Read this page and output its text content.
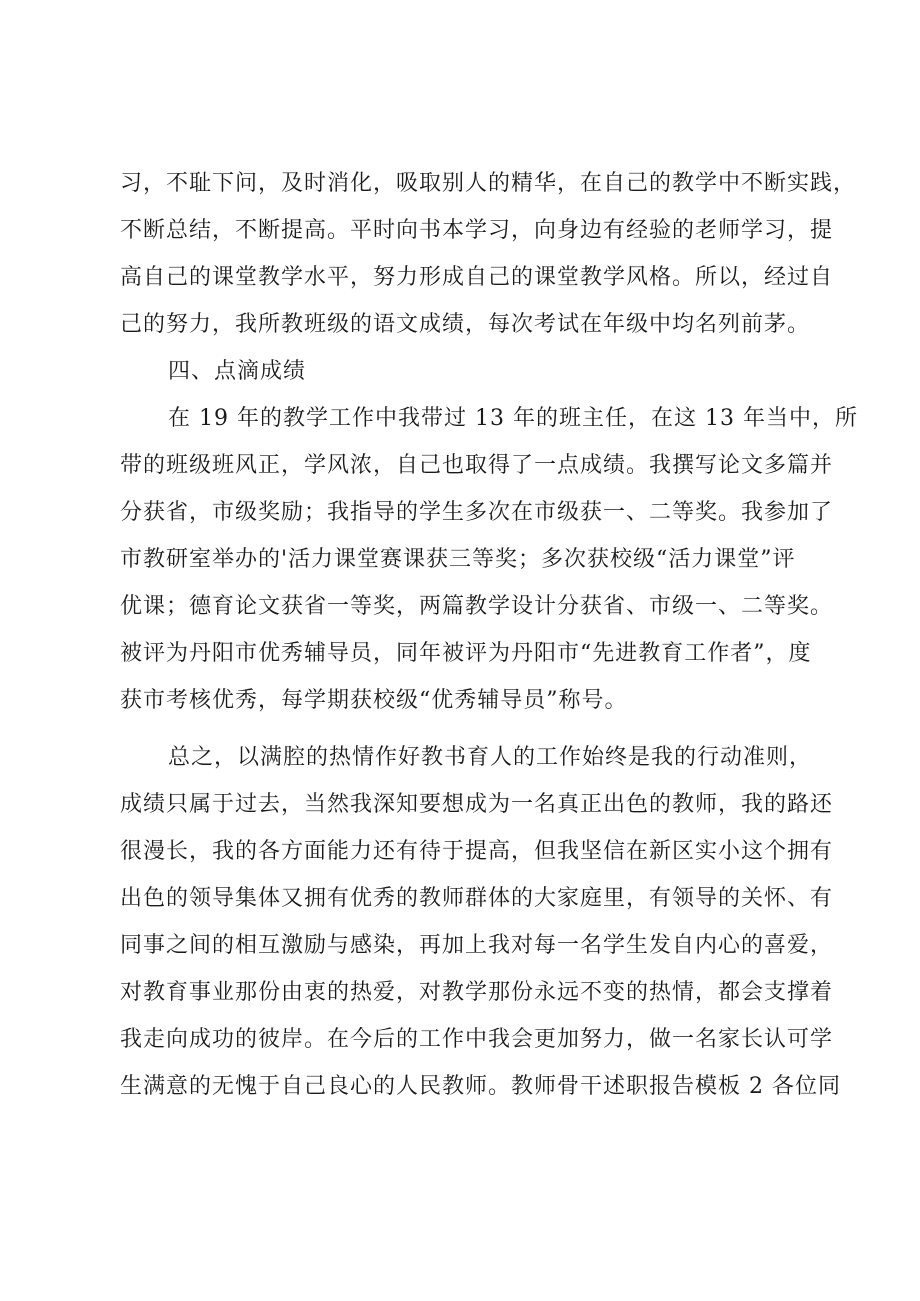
习，不耻下问，及时消化，吸取别人的精华，在自己的教学中不断实践，
不断总结，不断提高。平时向书本学习，向身边有经验的老师学习，提
高自己的课堂教学水平，努力形成自己的课堂教学风格。所以，经过自
己的努力，我所教班级的语文成绩，每次考试在年级中均名列前茅。
四、点滴成绩
在 19 年的教学工作中我带过 13 年的班主任，在这 13 年当中，所
带的班级班风正，学风浓，自己也取得了一点成绩。我撰写论文多篇并
分获省，市级奖励；我指导的学生多次在市级获一、二等奖。我参加了
市教研室举办的'活力课堂赛课获三等奖；多次获校级“活力课堂”评
优课；德育论文获省一等奖，两篇教学设计分获省、市级一、二等奖。
被评为丹阳市优秀辅导员，同年被评为丹阳市“先进教育工作者”，度
获市考核优秀，每学期获校级“优秀辅导员”称号。
总之，以满腔的热情作好教书育人的工作始终是我的行动准则，
成绩只属于过去，当然我深知要想成为一名真正出色的教师，我的路还
很漫长，我的各方面能力还有待于提高，但我坚信在新区实小这个拥有
出色的领导集体又拥有优秀的教师群体的大家庭里，有领导的关怀、有
同事之间的相互激励与感染，再加上我对每一名学生发自内心的喜爱，
对教育事业那份由衷的热爱，对教学那份永远不变的热情，都会支撑着
我走向成功的彼岸。在今后的工作中我会更加努力，做一名家长认可学
生满意的无愧于自己良心的人民教师。教师骨干述职报告模板 2 各位同
